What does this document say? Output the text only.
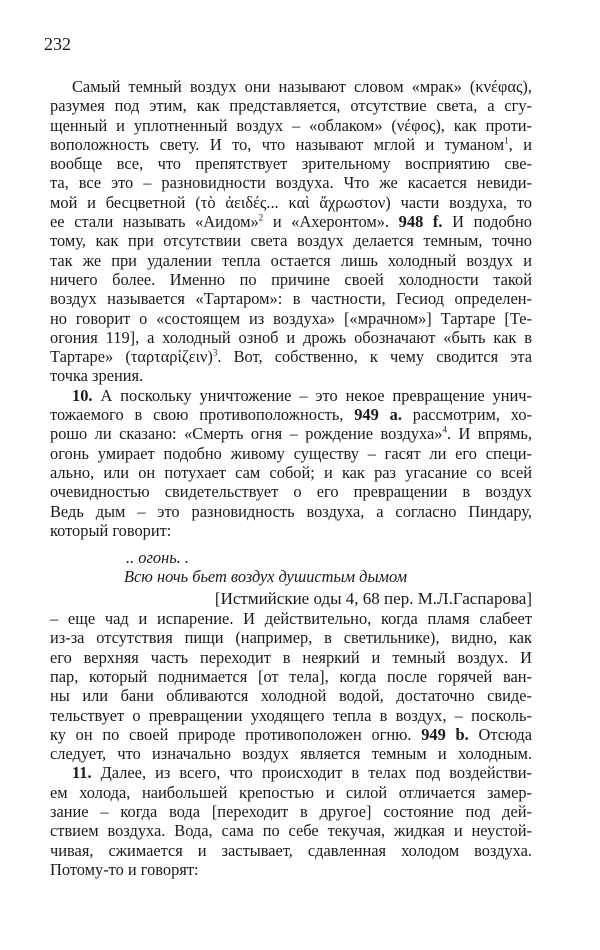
232
Самый темный воздух они называют словом «мрак» (κνέφας),
разумея под этим, как представляется, отсутствие света, а сгу-
щенный и уплотненный воздух – «облаком» (νέφος), как проти-
воположность свету. И то, что называют мглой и туманом$^1$, и
вообще все, что препятствует зрительному восприятию све-
та, все это – разновидности воздуха. Что же касается невиди-
мой и бесцветной (τὸ ἀειδές... καὶ ἄχρωστον) части воздуха, то
ее стали называть «Аидом»$^2$ и «Ахеронтом». 948 f. И подобно
тому, как при отсутствии света воздух делается темным, точно
так же при удалении тепла остается лишь холодный воздух и
ничего более. Именно по причине своей холодности такой
воздух называется «Тартаром»: в частности, Гесиод определен-
но говорит о «состоящем из воздуха» [«мрачном»] Тартаре [Те-
огония 119], а холодный озноб и дрожь обозначают «быть как в
Тартаре» $(\tau\alpha\rho\tau\alpha\rho ί\zeta\varepsilon\iota\nu)^3$. Вот, собственно, к чему сводится эта
точка зрения.
10. А поскольку уничтожение – это некое превращение унич-
тожаемого в свою противоположность, 949 a. рассмотрим, хо-
рошо ли сказано: «Смерть огня – рождение воздуха»$^4$. И впрямь,
огонь умирает подобно живому существу – гасят ли его специ-
ально, или он потухает сам собой; и как раз угасание со всей
очевидностью свидетельствует о его превращении в воздух
Ведь дым – это разновидность воздуха, а согласно Пиндару,
который говорит:
.. огонь. .
Всю ночь бьет воздух душистым дымом
[Истмийские оды 4, 68 пер. М.Л.Гаспарова]
– еще чад и испарение. И действительно, когда пламя слабеет
из-за отсутствия пищи (например, в светильнике), видно, как
его верхняя часть переходит в неяркий и темный воздух. И
пар, который поднимается [от тела], когда после горячей ван-
ны или бани обливаются холодной водой, достаточно свиде-
тельствует о превращении уходящего тепла в воздух, – посколь-
ку он по своей природе противоположен огню. 949 b. Отсюда
следует, что изначально воздух является темным и холодным.
11. Далее, из всего, что происходит в телах под воздействи-
ем холода, наибольшей крепостью и силой отличается замер-
зание – когда вода [переходит в другое] состояние под дей-
ствием воздуха. Вода, сама по себе текучая, жидкая и неустой-
чивая, сжимается и застывает, сдавленная холодом воздуха.
Потому-то и говорят:
